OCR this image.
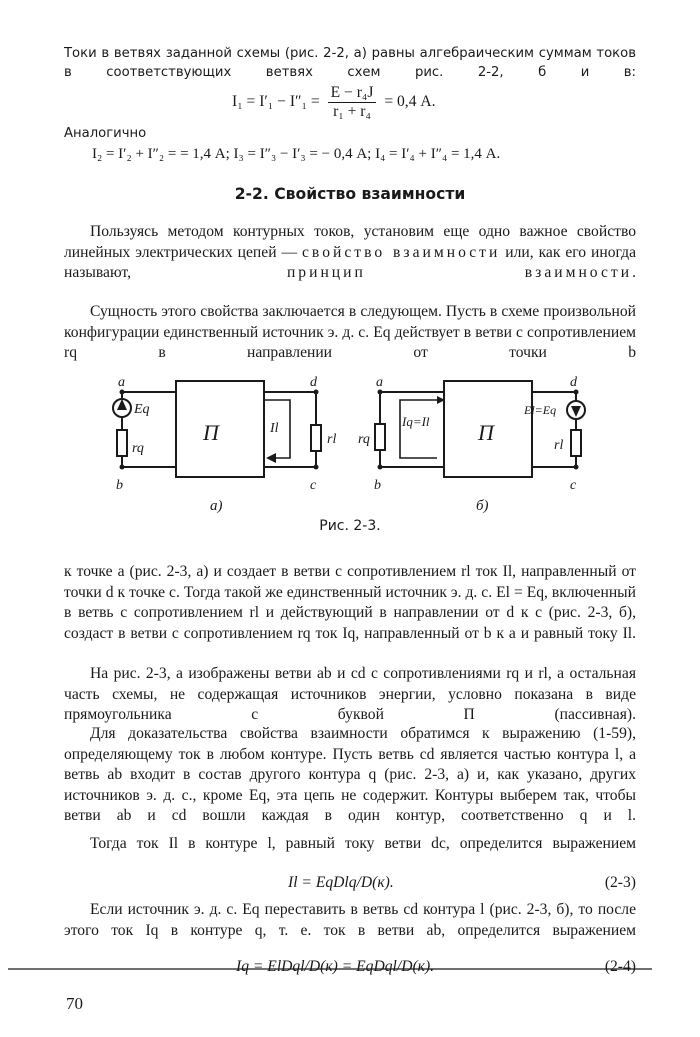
Токи в ветвях заданной схемы (рис. 2-2, а) равны алгебраическим суммам токов в соответствующих ветвях схем рис. 2-2, б и в:

$I_1 = I'_1 - I''_1 = \frac{\text{E − r₄J}}{\text{r₁ + r₄}} = 0,4$ А.

Аналогично

I₂ = I′₂ + I″₂ = = 1,4 А; I₃ = I″₃ − I′₃ = − 0,4 А; I₄ = I′₄ + I″₄ = 1,4 А.
2-2. Свойство взаимности

Пользуясь методом контурных токов, установим еще одно важное свойство линейных электрических цепей — свойство взаимности или, как его иногда называют, принцип взаимности.

Сущность этого свойства заключается в следующем. Пусть в схеме произвольной конфигурации единственный источник э. д. с. Eq действует в ветви с сопротивлением rq в направлении от точки b

a	d
b	c
Eq
rq
rl
Il
П
а)
a	d
b	c
El=Eq
rl
rq
Iq=Il П
б)
Рис. 2-3.

к точке a (рис. 2-3, а) и создает в ветви с сопротивлением rl ток Il, направленный от точки d к точке c. Тогда такой же единственный источник э. д. с. El = Eq, включенный в ветвь с сопротивлением rl и действующий в направлении от d к c (рис. 2-3, б), создаст в ветви с сопротивлением rq ток Iq, направленный от b к a и равный току Il.

На рис. 2-3, а изображены ветви ab и cd с сопротивлениями rq и rl, а остальная часть схемы, не содержащая источников энергии, условно показана в виде прямоугольника с буквой П (пассивная).

Для доказательства свойства взаимности обратимся к выражению (1-59), определяющему ток в любом контуре. Пусть ветвь cd является частью контура l, а ветвь ab входит в состав другого контура q (рис. 2-3, а) и, как указано, других источников э. д. с., кроме Eq, эта цепь не содержит. Контуры выберем так, чтобы ветви ab и cd вошли каждая в один контур, соответственно q и l.

Тогда ток Il в контуре l, равный току ветви dc, определится выражением

Il = EqDlq/D(к).	(2-3)

Если источник э. д. с. Eq переставить в ветвь cd контура l (рис. 2-3, б), то после этого ток Iq в контуре q, т. е. ток в ветви ab, определится выражением

Iq = ElDql/D(к) = EqDql/D(к).	(2-4)
70
